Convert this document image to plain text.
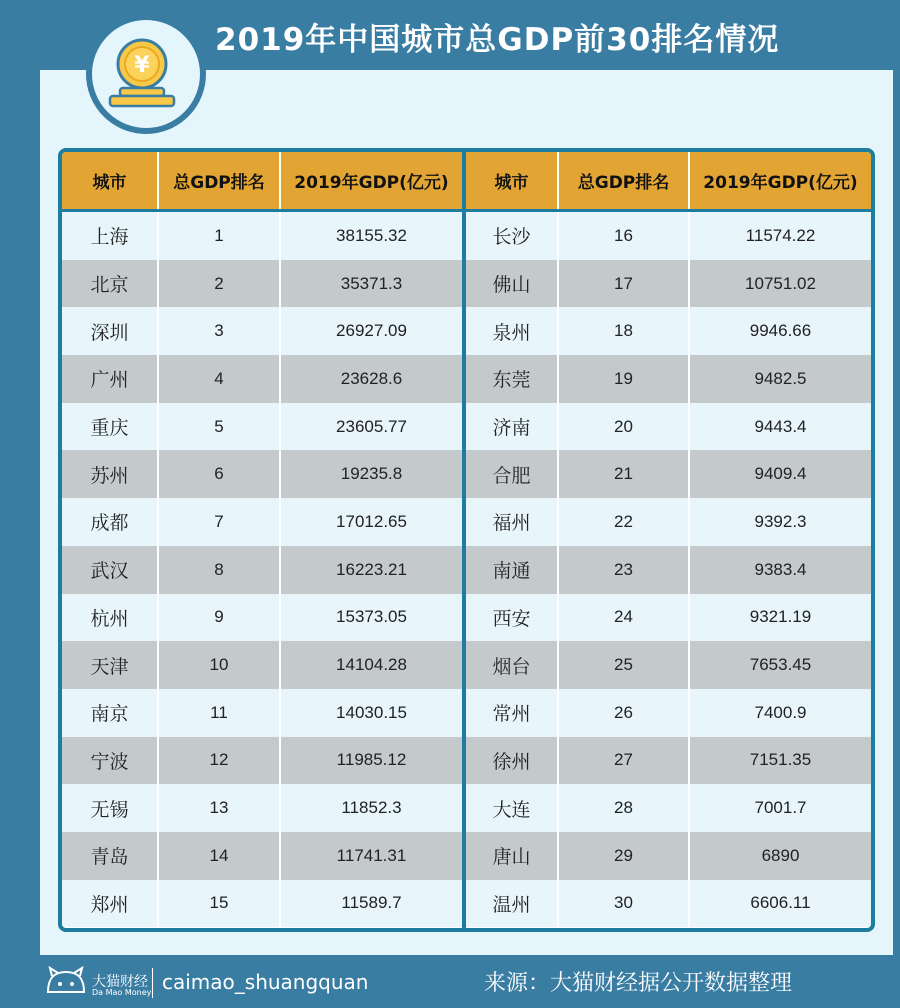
2019年中国城市总GDP前30排名情况
¥
城市	总GDP排名	2019年GDP(亿元)
上海	1	38155.32
北京	2	35371.3
深圳	3	26927.09
广州	4	23628.6
重庆	5	23605.77
苏州	6	19235.8
成都	7	17012.65
武汉	8	16223.21
杭州	9	15373.05
天津	10	14104.28
南京	11	14030.15
宁波	12	11985.12
无锡	13	11852.3
青岛	14	11741.31
郑州	15	11589.7
城市	总GDP排名	2019年GDP(亿元)
长沙	16	11574.22
佛山	17	10751.02
泉州	18	9946.66
东莞	19	9482.5
济南	20	9443.4
合肥	21	9409.4
福州	22	9392.3
南通	23	9383.4
西安	24	9321.19
烟台	25	7653.45
常州	26	7400.9
徐州	27	7151.35
大连	28	7001.7
唐山	29	6890
温州	30	6606.11
大猫财经
Da Mao Money caimao_shuangquan	来源：大猫财经据公开数据整理
